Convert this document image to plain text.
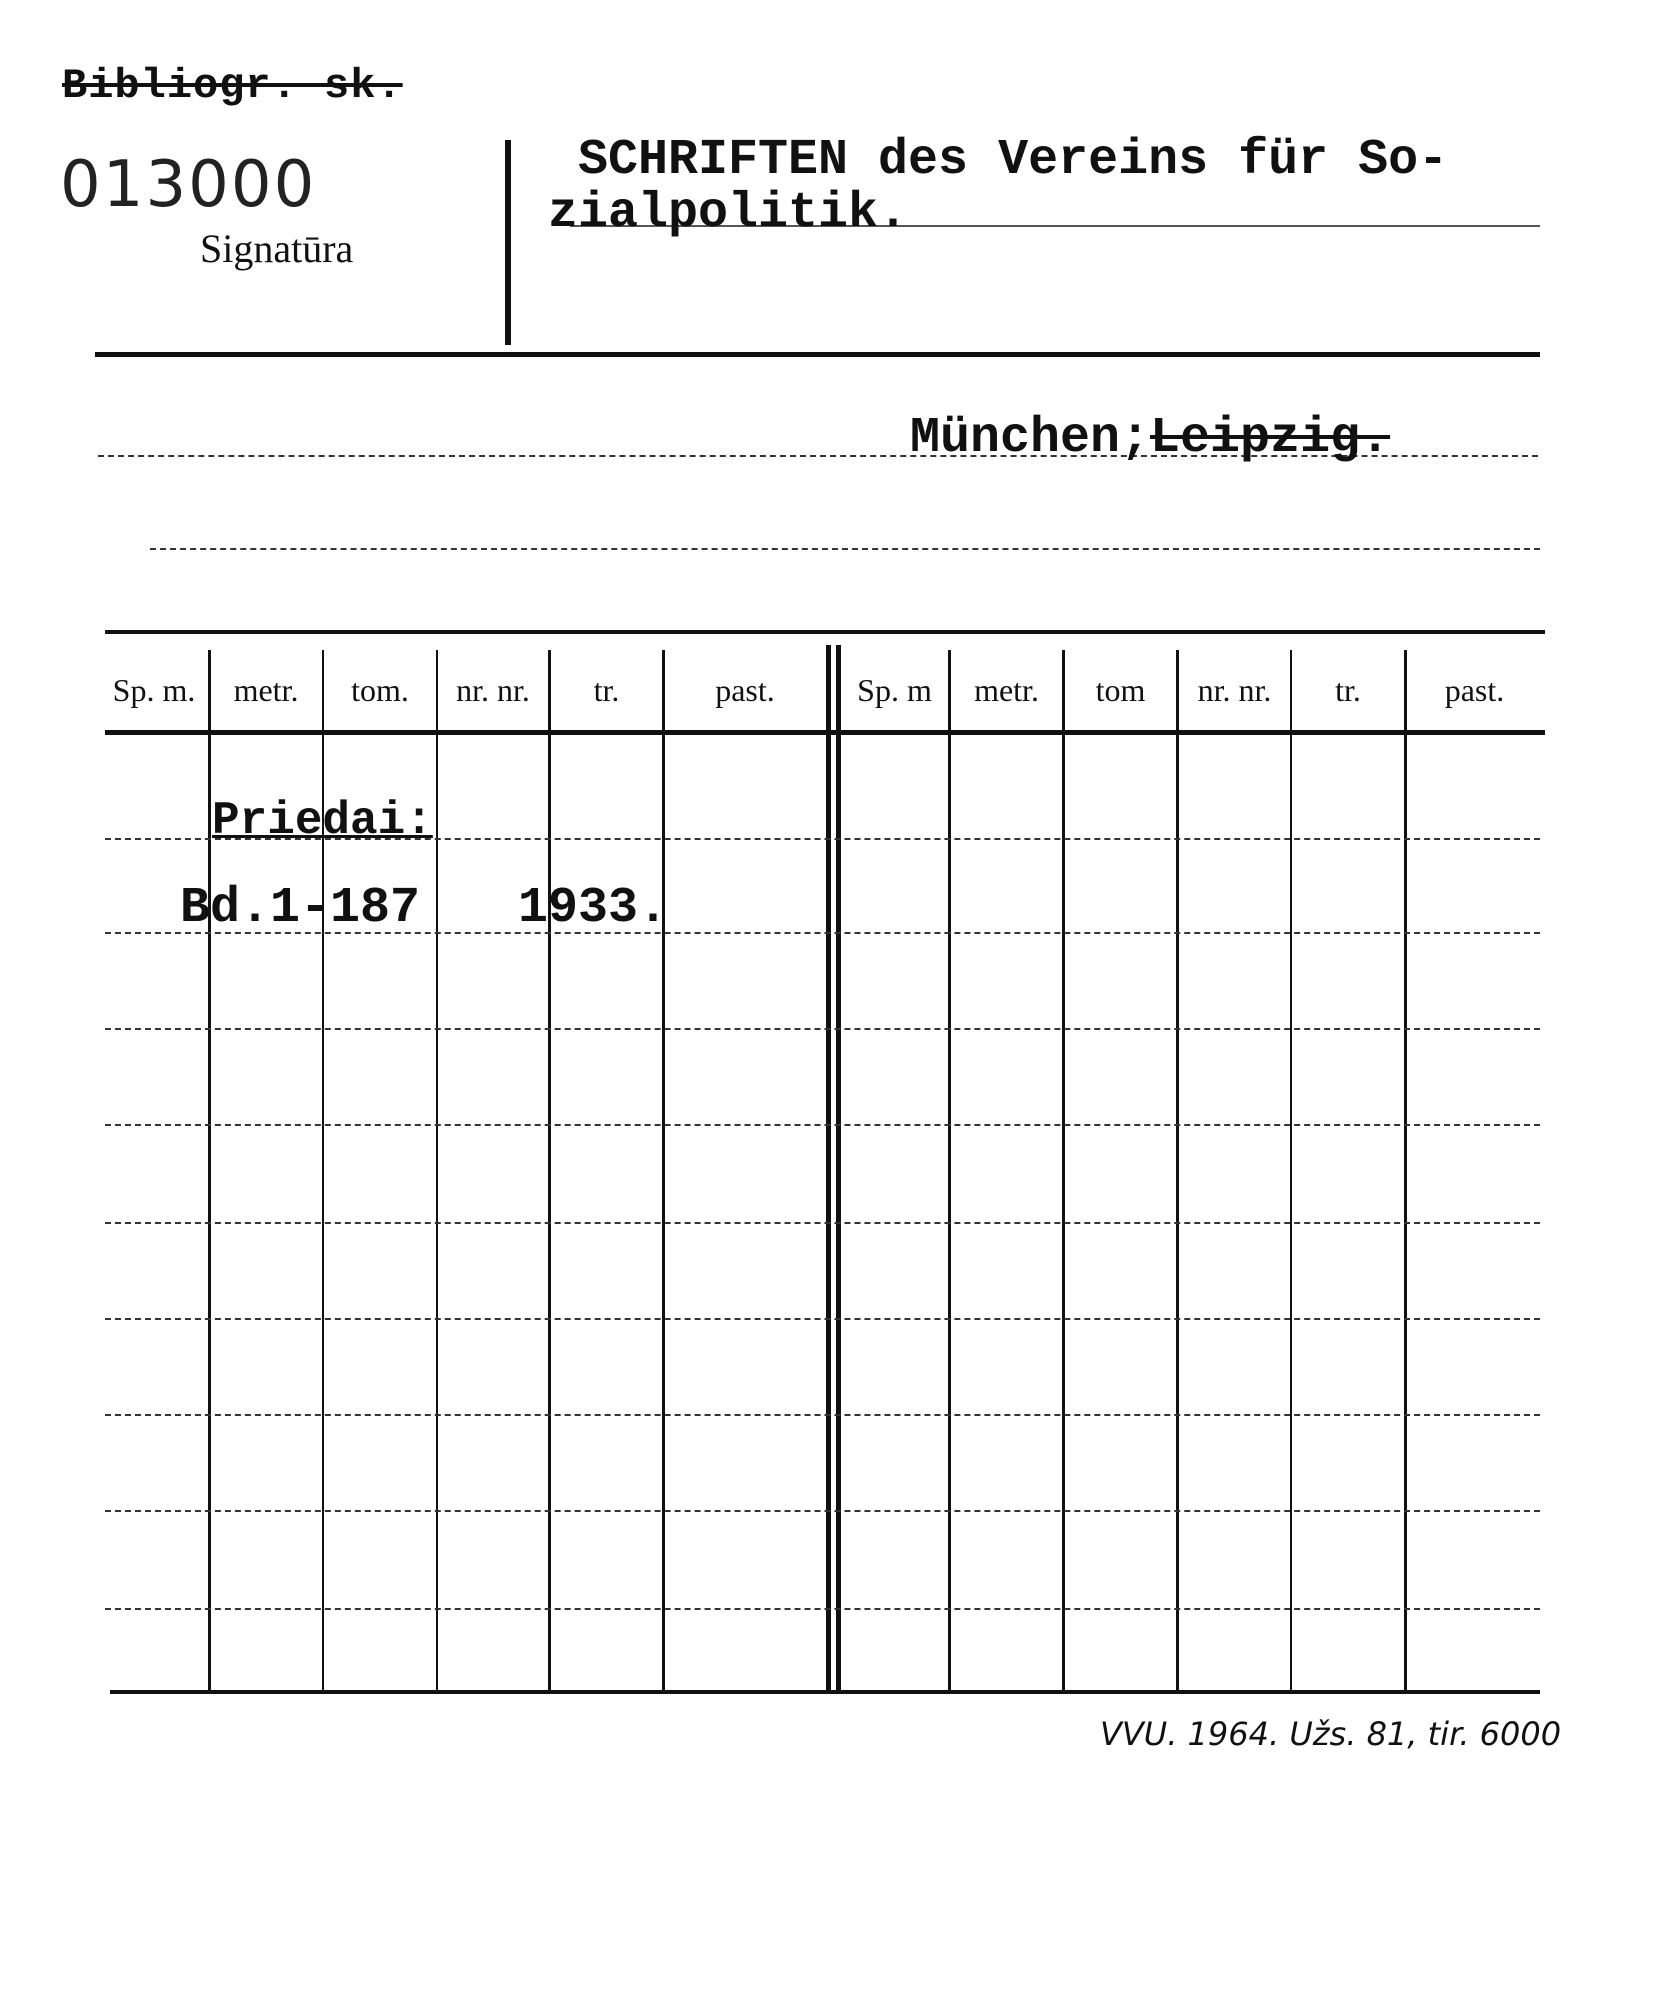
Bibliogr. sk.
013000
Signatūra
SCHRIFTEN des Vereins für So-
zialpolitik.
München;Leipzig.
Sp. m.	metr.	tom.	nr. nr.	tr.	past.	Sp. m	metr.	tom	nr. nr.	tr.	past.
Priedai:
Bd.1-187 1933.
VVU. 1964. Užs. 81, tir. 6000
